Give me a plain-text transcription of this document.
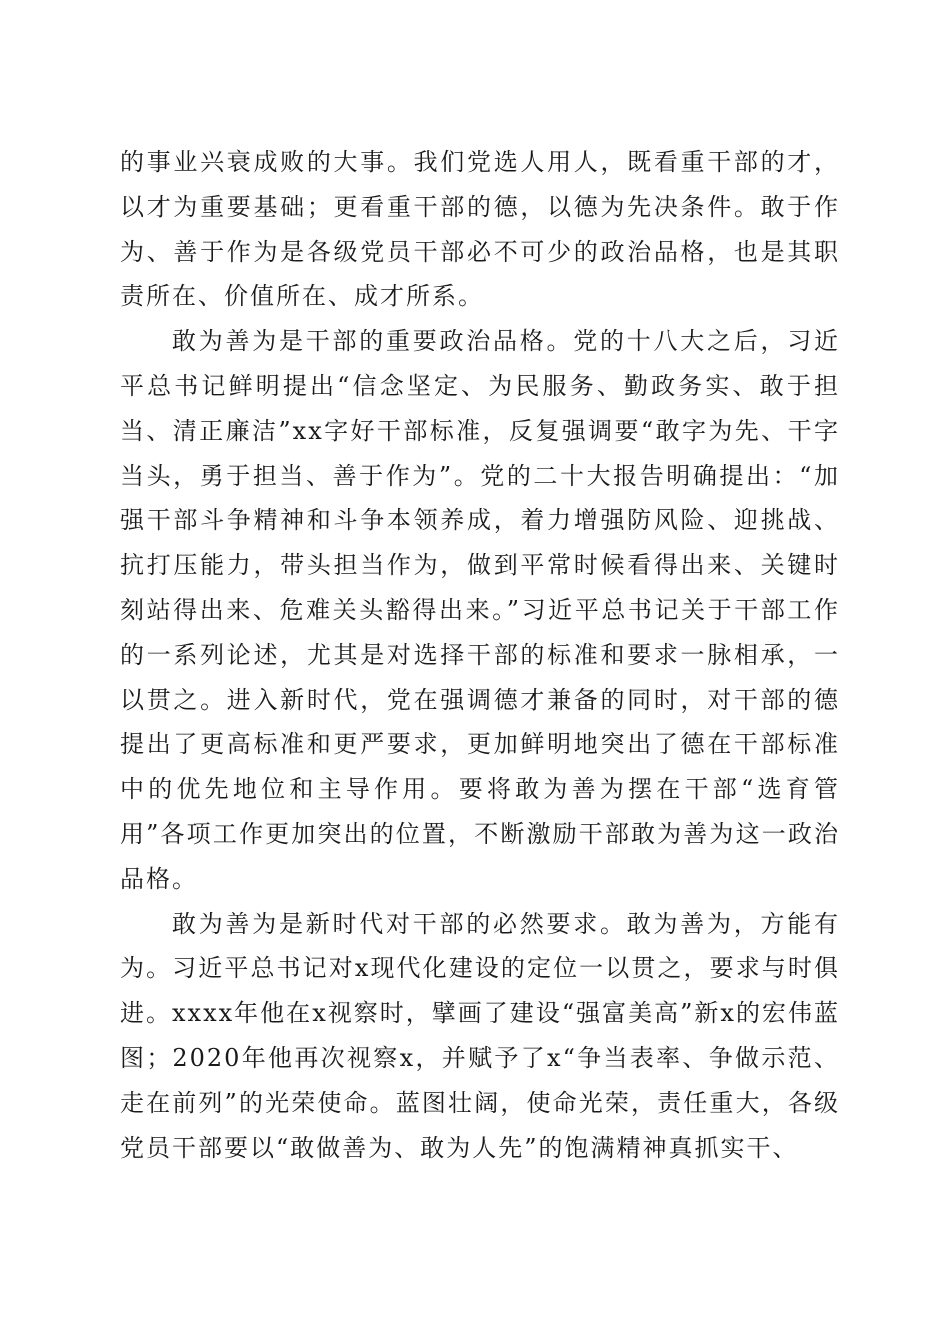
的事业兴衰成败的大事。我们党选人用人，既看重干部的才，以才为重要基础；更看重干部的德，以德为先决条件。敢于作为、善于作为是各级党员干部必不可少的政治品格，也是其职责所在、价值所在、成才所系。

敢为善为是干部的重要政治品格。党的十八大之后，习近平总书记鲜明提出“信念坚定、为民服务、勤政务实、敢于担当、清正廉洁”xx字好干部标准，反复强调要“敢字为先、干字当头，勇于担当、善于作为”。党的二十大报告明确提出：“加强干部斗争精神和斗争本领养成，着力增强防风险、迎挑战、抗打压能力，带头担当作为，做到平常时候看得出来、关键时刻站得出来、危难关头豁得出来。”习近平总书记关于干部工作的一系列论述，尤其是对选择干部的标准和要求一脉相承，一以贯之。进入新时代，党在强调德才兼备的同时，对干部的德提出了更高标准和更严要求，更加鲜明地突出了德在干部标准中的优先地位和主导作用。要将敢为善为摆在干部“选育管用”各项工作更加突出的位置，不断激励干部敢为善为这一政治品格。

敢为善为是新时代对干部的必然要求。敢为善为，方能有为。习近平总书记对x现代化建设的定位一以贯之，要求与时俱进。xxxx年他在x视察时，擘画了建设“强富美高”新x的宏伟蓝图；2020年他再次视察x，并赋予了x“争当表率、争做示范、走在前列”的光荣使命。蓝图壮阔，使命光荣，责任重大，各级党员干部要以“敢做善为、敢为人先”的饱满精神真抓实干、
